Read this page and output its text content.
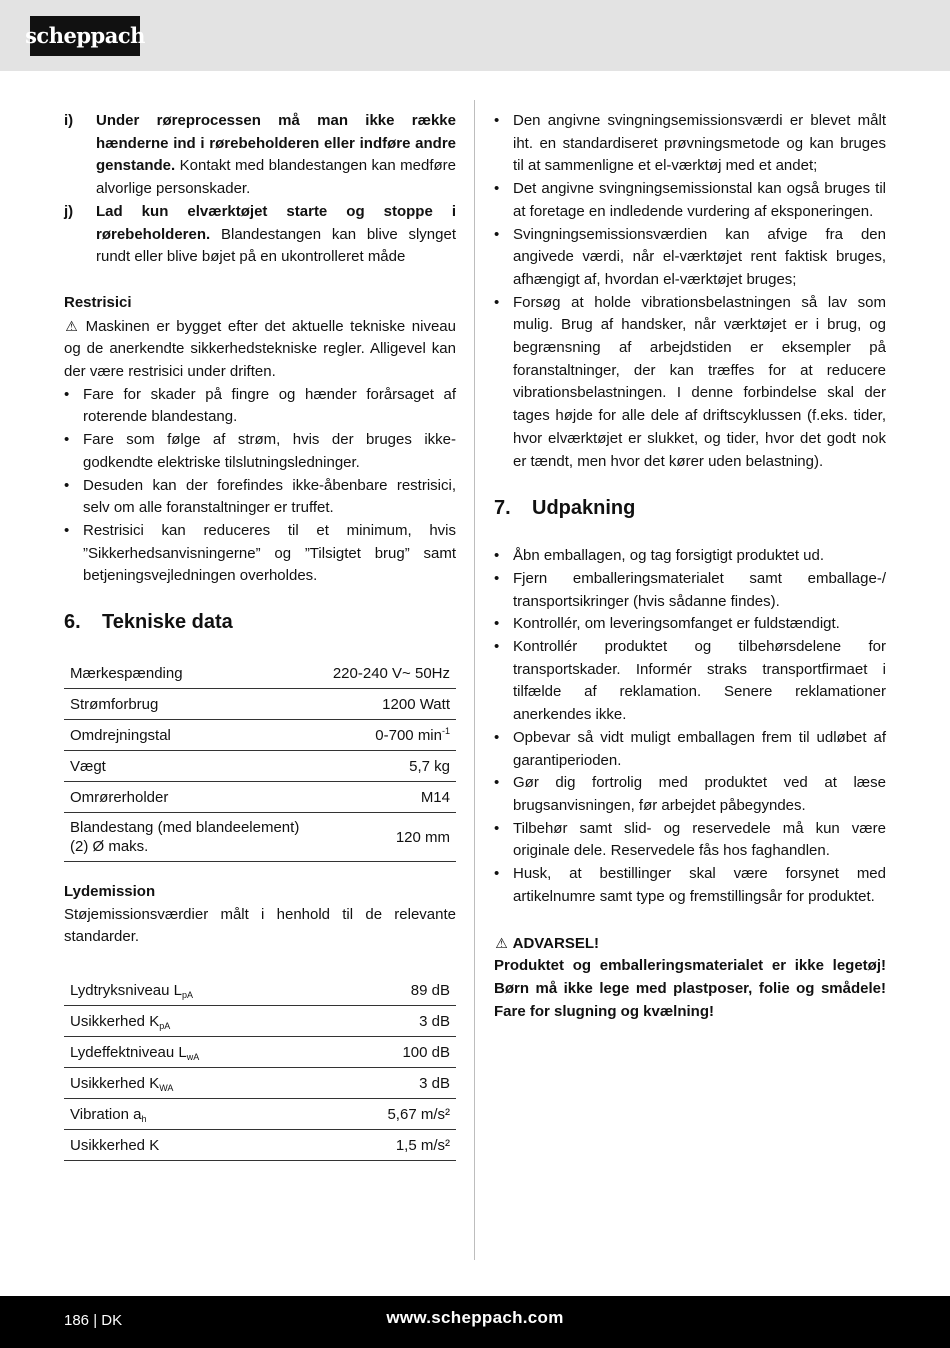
scheppach
i) Under røreprocessen må man ikke række hænderne ind i rørebeholderen eller indføre andre genstande. Kontakt med blandestangen kan medføre alvorlige personskader.
j) Lad kun elværktøjet starte og stoppe i rørebeholderen. Blandestangen kan blive slynget rundt eller blive bøjet på en ukontrolleret måde

Restrisici

⚠ Maskinen er bygget efter det aktuelle tekniske niveau og de anerkendte sikkerhedstekniske regler. Alligevel kan der være restrisici under driften.

• Fare for skader på fingre og hænder forårsaget af roterende blandestang.
• Fare som følge af strøm, hvis der bruges ikke-godkendte elektriske tilslutningsledninger.
• Desuden kan der forefindes ikke-åbenbare restrisici, selv om alle foranstaltninger er truffet.
• Restrisici kan reduceres til et minimum, hvis ”Sikkerhedsanvisningerne” og ”Tilsigtet brug” samt betjeningsvejledningen overholdes.
6.	Tekniske data
Mærkespænding	220-240 V~ 50Hz
Strømforbrug	1200 Watt
Omdrejningstal	0-700 $\min^{-1}$
Vægt	5,7 kg
Omrørerholder	M14
Blandestang (med blandeelement) (2) Ø maks.	120 mm

Lydemission

Støjemissionsværdier målt i henhold til de relevante standarder.

Lydtryksniveau $L_{pA}$	89 dB
Usikkerhed $K_{pA}$	3 dB
Lydeffektniveau $L_{wA}$	100 dB
Usikkerhed $K_{WA}$	3 dB
Vibration $a_h$	5,67 m/s²
Usikkerhed K	1,5 m/s²
• Den angivne svingningsemissionsværdi er blevet målt iht. en standardiseret prøvningsmetode og kan bruges til at sammenligne et el-værktøj med et andet;
• Det angivne svingningsemissionstal kan også bruges til at foretage en indledende vurdering af eksponeringen.
• Svingningsemissionsværdien kan afvige fra den angivede værdi, når el-værktøjet rent faktisk bruges, afhængigt af, hvordan el-værktøjet bruges;
• Forsøg at holde vibrationsbelastningen så lav som mulig. Brug af handsker, når værktøjet er i brug, og begrænsning af arbejdstiden er eksempler på foranstaltninger, der kan træffes for at reducere vibrationsbelastningen. I denne forbindelse skal der tages højde for alle dele af driftscyklussen (f.eks. tider, hvor elværktøjet er slukket, og tider, hvor det godt nok er tændt, men hvor det kører uden belastning).
7.	Udpakning
• Åbn emballagen, og tag forsigtigt produktet ud.
• Fjern emballeringsmaterialet samt emballage-/ transportsikringer (hvis sådanne findes).
• Kontrollér, om leveringsomfanget er fuldstændigt.
• Kontrollér produktet og tilbehørsdelene for transportskader. Informér straks transportfirmaet i tilfælde af reklamation. Senere reklamationer anerkendes ikke.
• Opbevar så vidt muligt emballagen frem til udløbet af garantiperioden.
• Gør dig fortrolig med produktet ved at læse brugsanvisningen, før arbejdet påbegyndes.
• Tilbehør samt slid- og reservedele må kun være originale dele. Reservedele fås hos faghandlen.
• Husk, at bestillinger skal være forsynet med artikelnumre samt type og fremstillingsår for produktet.

⚠ ADVARSEL!

Produktet og emballeringsmaterialet er ikke legetøj! Børn må ikke lege med plastposer, folie og smådele! Fare for slugning og kvælning!

186 | DK	www.scheppach.com
